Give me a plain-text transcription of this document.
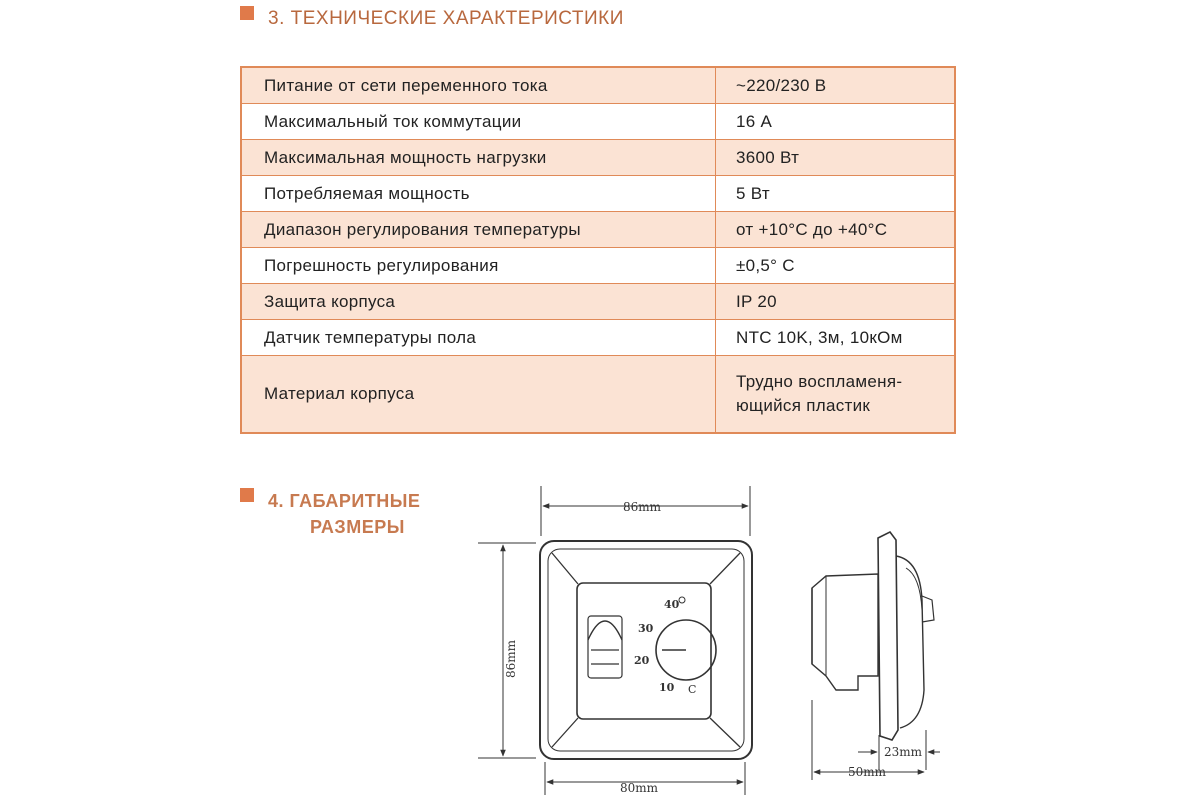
3. ТЕХНИЧЕСКИЕ ХАРАКТЕРИСТИКИ
Питание от сети переменного тока	~220/230 В
Максимальный ток коммутации	16 А
Максимальная мощность нагрузки	3600 Вт
Потребляемая мощность	5 Вт
Диапазон регулирования температуры	от +10°С до +40°С
Погрешность регулирования	±0,5° С
Защита корпуса	IP 20
Датчик температуры пола	NTC 10K, 3м, 10кОм
Материал корпуса	Трудно воспламеня-
ющийся пластик
4. ГАБАРИТНЫЕ
РАЗМЕРЫ
86mm
86mm
80mm
40
30
20
10 C
23mm
50mm
